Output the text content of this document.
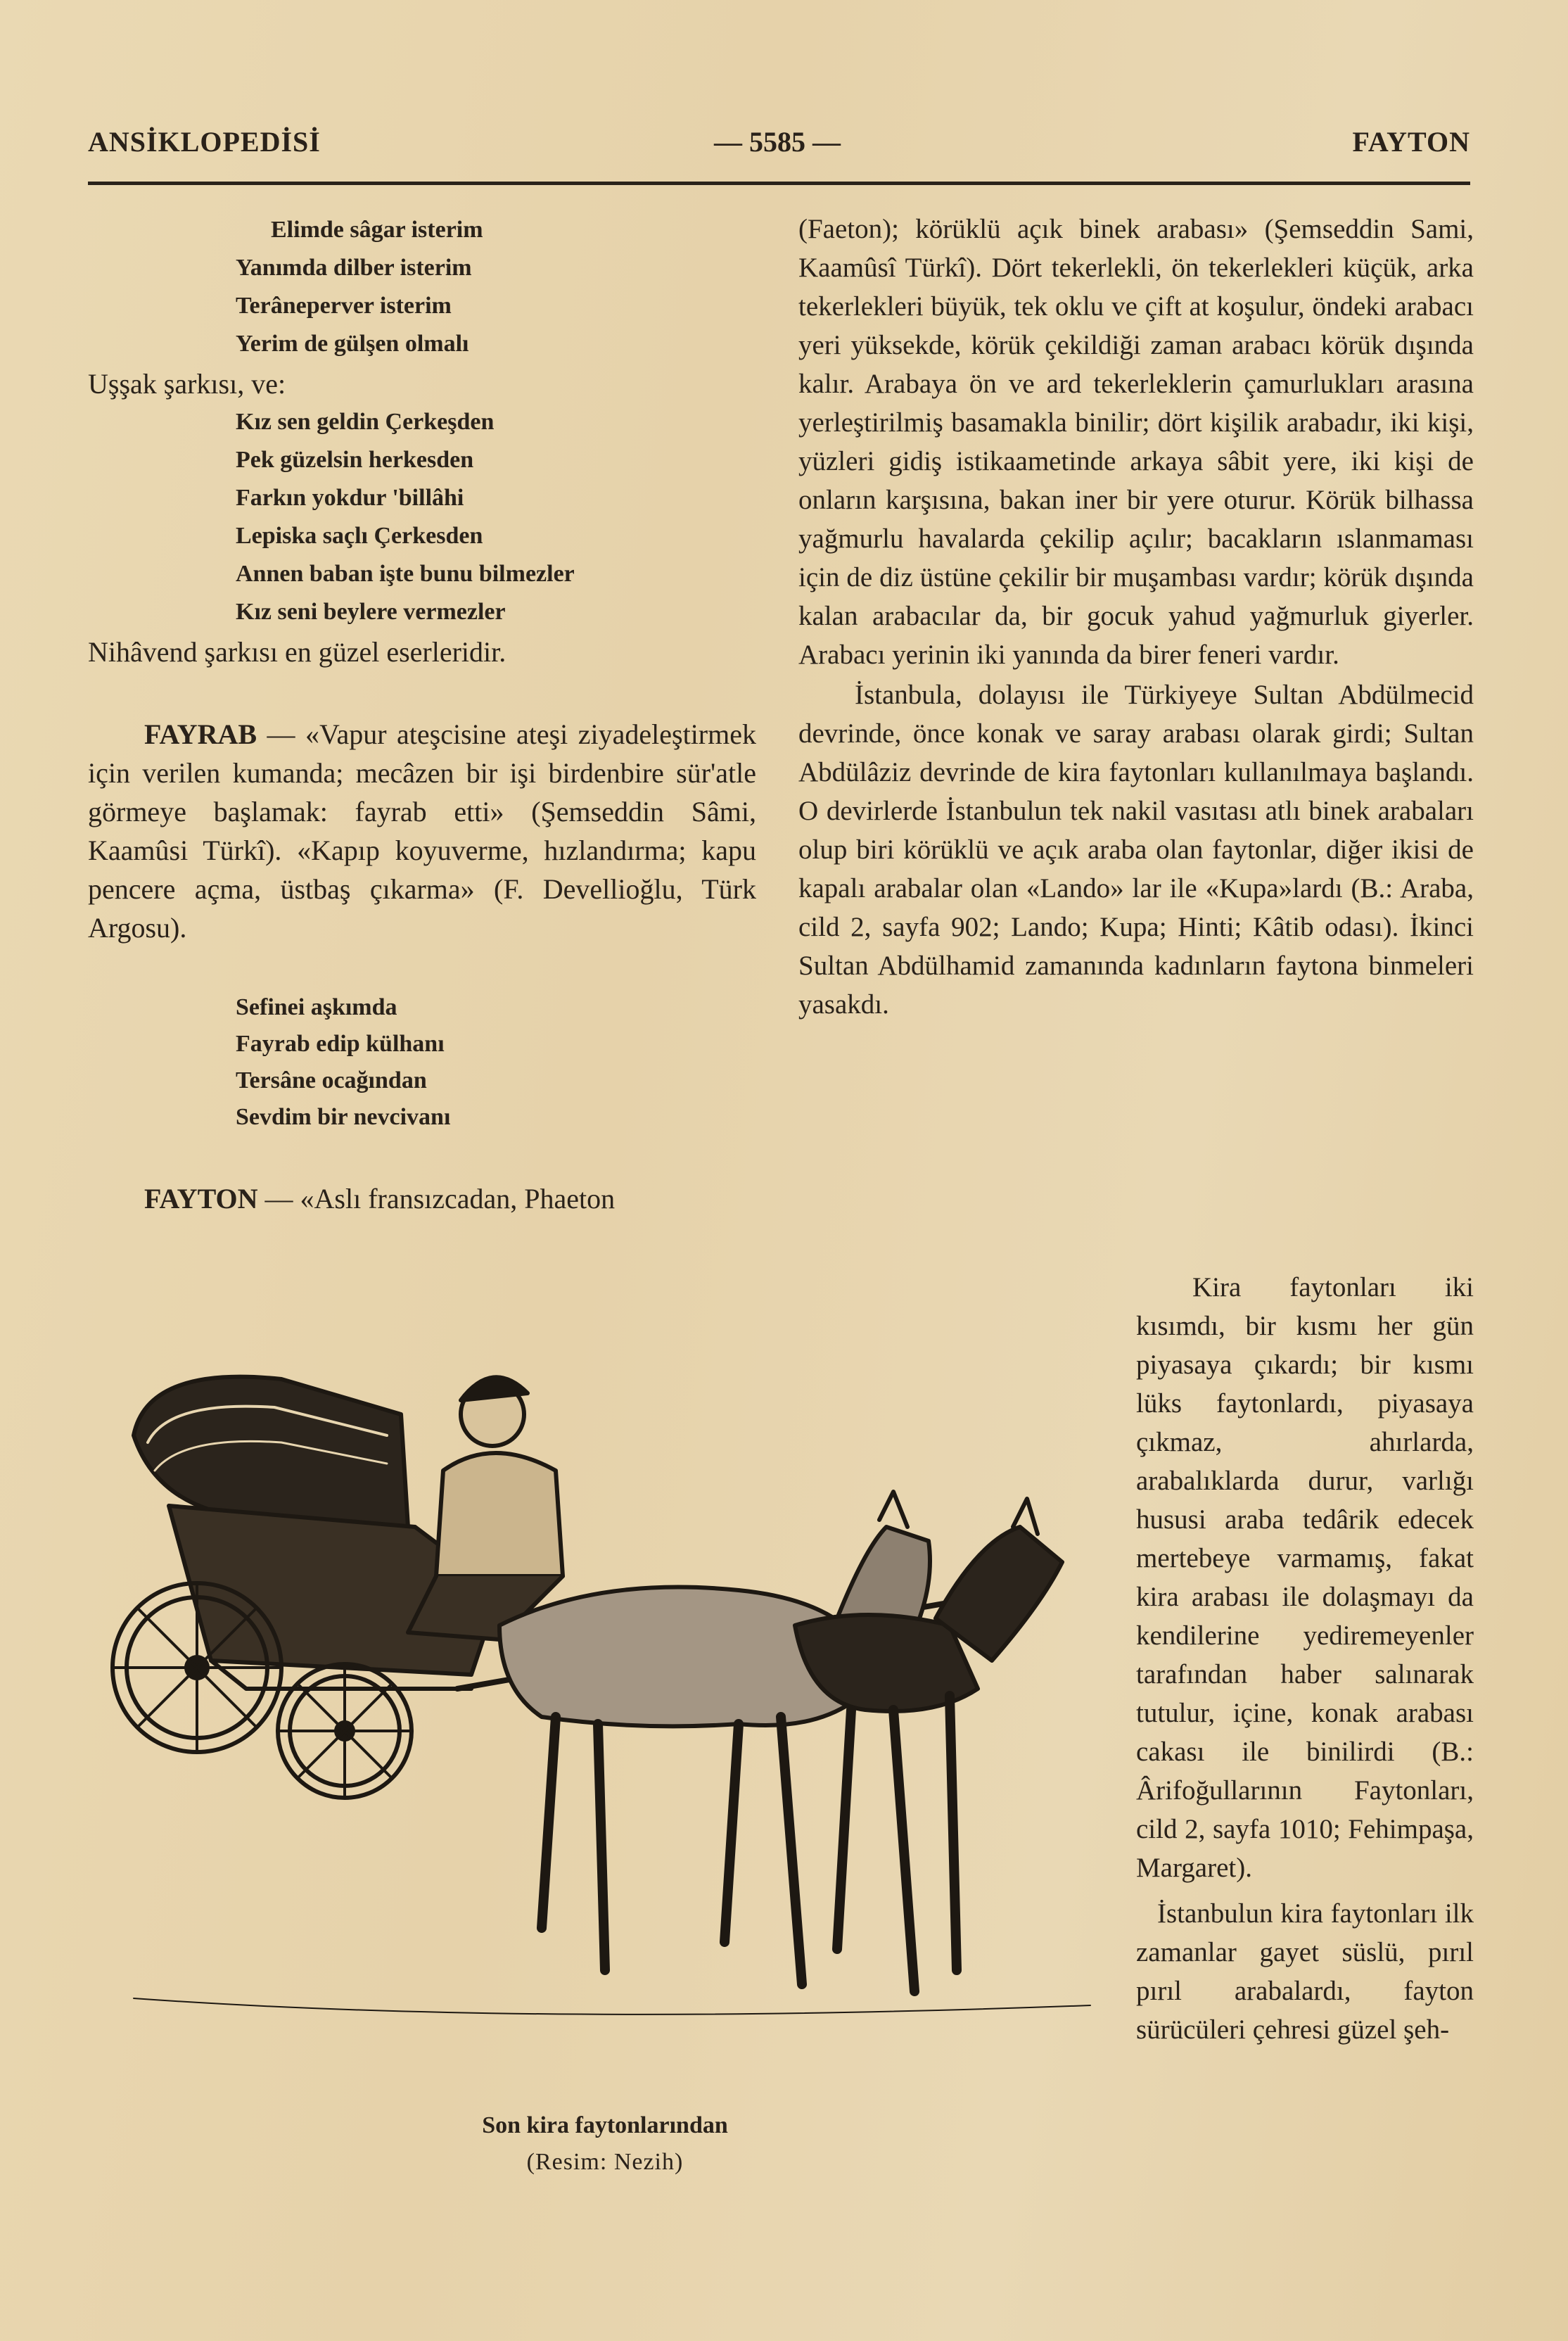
ANSİKLOPEDİSİ	— 5585 —	FAYTON
Elimde sâgar isterim
Yanımda dilber isterim
Terâneperver isterim
Yerim de gülşen olmalı

Uşşak şarkısı, ve:

Kız sen geldin Çerkeşden
Pek güzelsin herkesden
Farkın yokdur 'billâhi
Lepiska saçlı Çerkesden
Annen baban işte bunu bilmezler
Kız seni beylere vermezler

Nihâvend şarkısı en güzel eserleridir.

FAYRAB — «Vapur ateşcisine ateşi ziyadeleştirmek için verilen kumanda; mecâzen bir işi birdenbire sür'atle görmeye başlamak: fayrab etti» (Şemseddin Sâmi, Kaamûsi Türkî). «Kapıp koyuverme, hızlandırma; kapu pencere açma, üstbaş çıkarma» (F. Devellioğlu, Türk Argosu).

Sefinei aşkımda
Fayrab edip külhanı
Tersâne ocağından
Sevdim bir nevcivanı

FAYTON — «Aslı fransızcadan, Phaeton

(Faeton); körüklü açık binek arabası» (Şemseddin Sami, Kaamûsî Türkî). Dört tekerlekli, ön tekerlekleri küçük, arka tekerlekleri büyük, tek oklu ve çift at koşulur, öndeki arabacı yeri yüksekde, körük çekildiği zaman arabacı körük dışında kalır. Arabaya ön ve ard tekerleklerin çamurlukları arasına yerleştirilmiş basamakla binilir; dört kişilik arabadır, iki kişi, yüzleri gidiş istikaametinde arkaya sâbit yere, iki kişi de onların karşısına, bakan iner bir yere oturur. Körük bilhassa yağmurlu havalarda çekilip açılır; bacakların ıslanmaması için de diz üstüne çekilir bir muşambası vardır; körük dışında kalan arabacılar da, bir gocuk yahud yağmurluk giyerler. Arabacı yerinin iki yanında da birer feneri vardır.

İstanbula, dolayısı ile Türkiyeye Sultan Abdülmecid devrinde, önce konak ve saray arabası olarak girdi; Sultan Abdülâziz devrinde de kira faytonları kullanılmaya başlandı. O devirlerde İstanbulun tek nakil vasıtası atlı binek arabaları olup biri körüklü ve açık araba olan faytonlar, diğer ikisi de kapalı arabalar olan «Lando» lar ile «Kupa»lardı (B.: Araba, cild 2, sayfa 902; Lando; Kupa; Hinti; Kâtib odası). İkinci Sultan Abdülhamid zamanında kadınların faytona binmeleri yasakdı.

Kira faytonları iki kısımdı, bir kısmı her gün piyasaya çıkardı; bir kısmı lüks faytonlardı, piyasaya çıkmaz, ahırlarda, arabalıklarda durur, varlığı hususi araba tedârik edecek mertebeye varmamış, fakat kira arabası ile dolaşmayı da kendilerine yediremeyenler tarafından haber salınarak tutulur, içine, konak arabası cakası ile binilirdi (B.: Ârifoğullarının Faytonları, cild 2, sayfa 1010; Fehimpaşa, Margaret).

İstanbulun kira faytonları ilk zamanlar gayet süslü, pırıl pırıl arabalardı, fayton sürücüleri çehresi güzel şeh-

Son kira faytonlarından
(Resim: Nezih)
